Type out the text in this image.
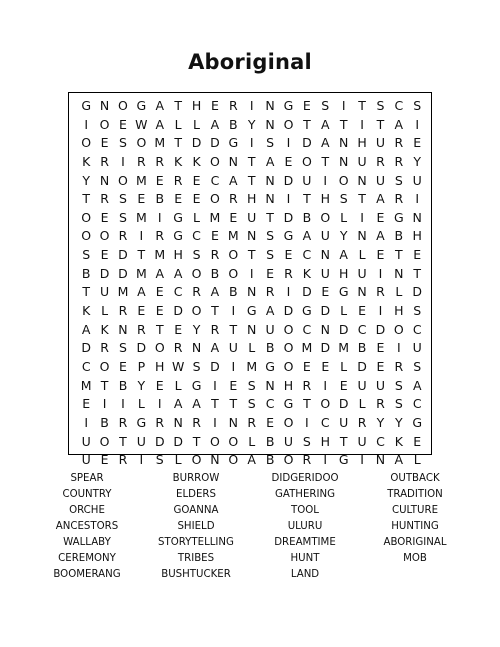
Aboriginal
G N O G A T H E R I N G E S	I	T S C S
I O E W A L L A B Y N O T A T	I	T A I
O E S O M T D D G I	S	I D A N H U R E
K R I R R K K O N T A E O T N U R R Y
Y N O M E R E C A T N D U I O N U S U
T R S E B E E O R H N I	T H S T A R I
O E S M I G L M E U T D B O L	I	E G N
O O R I R G C E M N S G A U Y N A B H
S E D T M H S R O T S E C N A L E T E
B D D M A A O B O I	E R K U H U I N T
T U M A E C R A B N R I D E G N R L D
K L R E E D O T	I G A D G D L E	I H S
A K N R T E Y R T N U O C N D C D O C
D R S D O R N A U L B O M D M B E	I U
C O E P H W S D I M G O E E L D E R S
M T B Y E L G I	E S N H R I	E U U S A
E	I	I	L	I A A T T S C G T O D L R S C
I B R G R N R I N R E O I C U R Y Y G
U O T U D D T O O L B U S H T U C K E
U E R I	S L O N O A B O R I G I N A L
SPEAR	BURROW	DIDGERIDOO	OUTBACK
COUNTRY	ELDERS	GATHERING	TRADITION
ORCHE	GOANNA	TOOL	CULTURE
ANCESTORS	SHIELD	ULURU	HUNTING
WALLABY	STORYTELLING	DREAMTIME	ABORIGINAL
CEREMONY	TRIBES	HUNT	MOB
BOOMERANG	BUSHTUCKER	LAND
